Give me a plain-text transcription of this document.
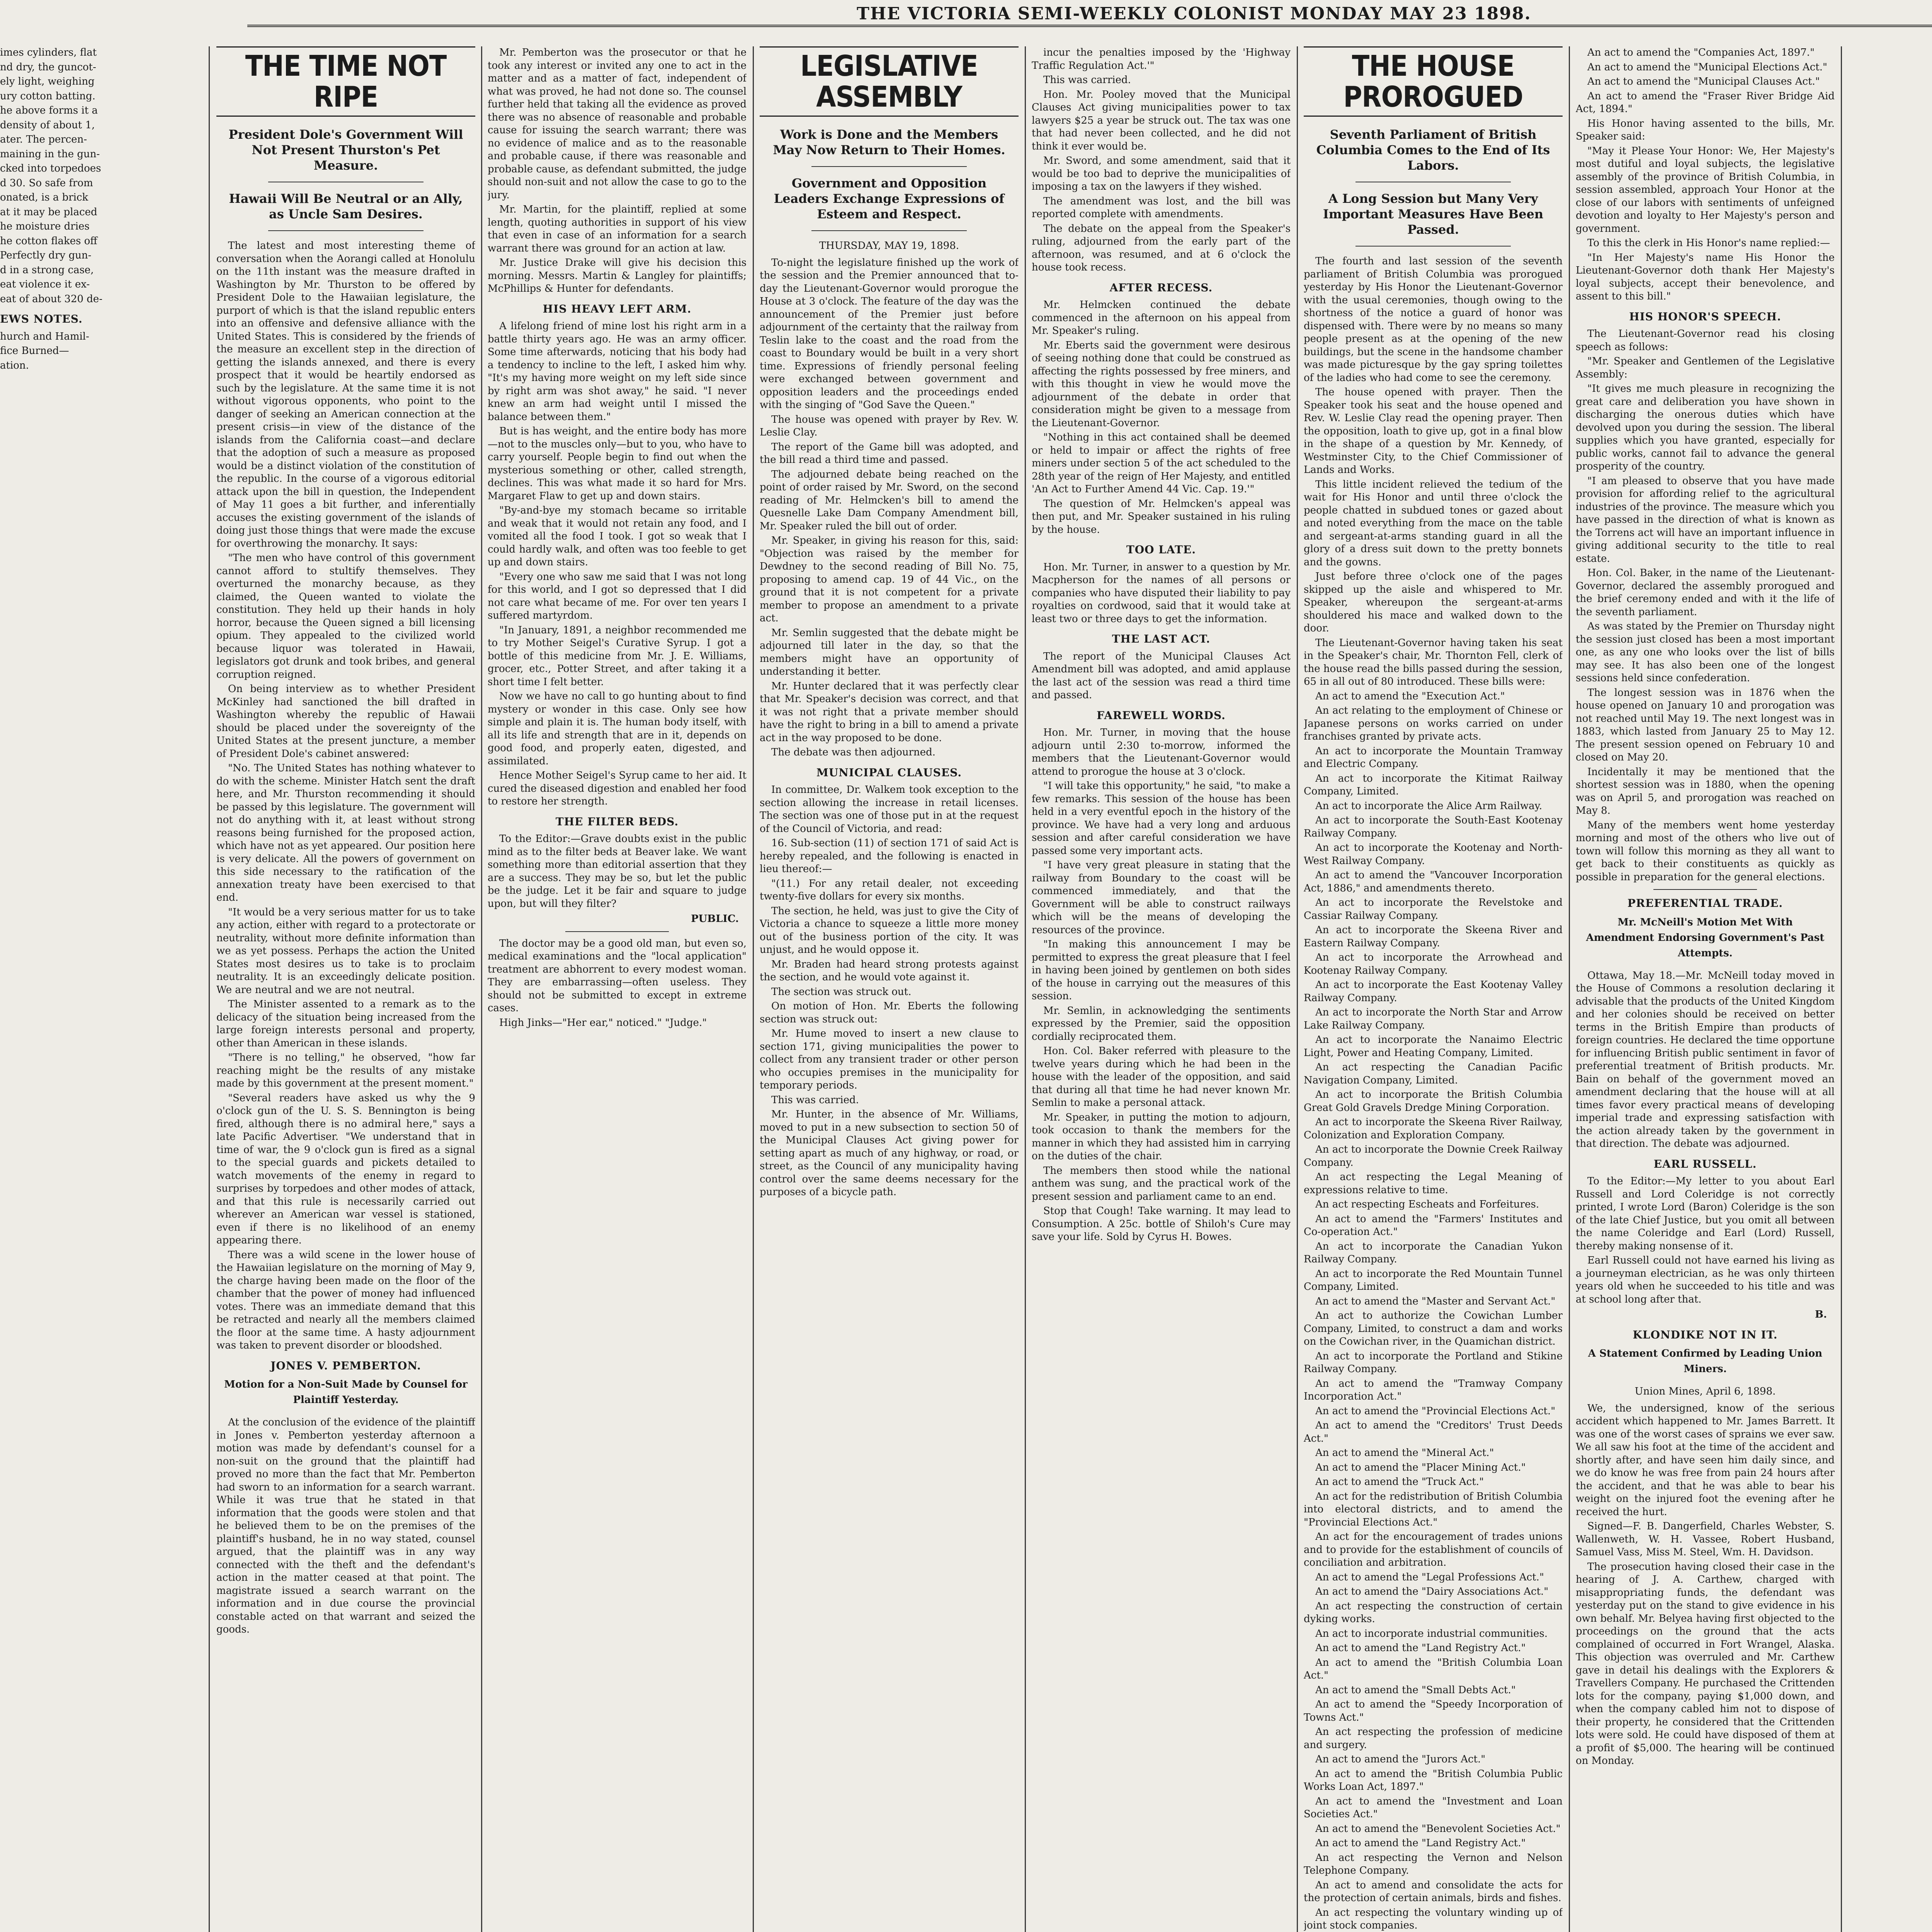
THE VICTORIA SEMI-WEEKLY COLONIST MONDAY MAY 23 1898.

imes cylinders, flat

nd dry, the guncot-

ely light, weighing

ury cotton batting.

he above forms it a

density of about 1,

ater. The percen-

maining in the gun-

cked into torpedoes

d 30. So safe from

onated, is a brick

at it may be placed

he moisture dries

he cotton flakes off

Perfectly dry gun-

d in a strong case,

eat violence it ex-

eat of about 320 de-

EWS NOTES.

hurch and Hamil-

fice Burned—

ation.

THE TIME NOT RIPE
President Dole's Government Will Not Present Thurston's Pet Measure.
Hawaii Will Be Neutral or an Ally, as Uncle Sam Desires.

The latest and most interesting theme of conversation when the Aorangi called at Honolulu on the 11th instant was the measure drafted in Washington by Mr. Thurston to be offered by President Dole to the Hawaiian legislature, the purport of which is that the island republic enters into an offensive and defensive alliance with the United States. This is considered by the friends of the measure an excellent step in the direction of getting the islands annexed, and there is every prospect that it would be heartily endorsed as such by the legislature. At the same time it is not without vigorous opponents, who point to the danger of seeking an American connection at the present crisis—in view of the distance of the islands from the California coast—and declare that the adoption of such a measure as proposed would be a distinct violation of the constitution of the republic. In the course of a vigorous editorial attack upon the bill in question, the Independent of May 11 goes a bit further, and inferentially accuses the existing government of the islands of doing just those things that were made the excuse for overthrowing the monarchy. It says:

"The men who have control of this government cannot afford to stultify themselves. They overturned the monarchy because, as they claimed, the Queen wanted to violate the constitution. They held up their hands in holy horror, because the Queen signed a bill licensing opium. They appealed to the civilized world because liquor was tolerated in Hawaii, legislators got drunk and took bribes, and general corruption reigned.

On being interview as to whether President McKinley had sanctioned the bill drafted in Washington whereby the republic of Hawaii should be placed under the sovereignty of the United States at the present juncture, a member of President Dole's cabinet answered:

"No. The United States has nothing whatever to do with the scheme. Minister Hatch sent the draft here, and Mr. Thurston recommending it should be passed by this legislature. The government will not do anything with it, at least without strong reasons being furnished for the proposed action, which have not as yet appeared. Our position here is very delicate. All the powers of government on this side necessary to the ratification of the annexation treaty have been exercised to that end.

"It would be a very serious matter for us to take any action, either with regard to a protectorate or neutrality, without more definite information than we as yet possess. Perhaps the action the United States most desires us to take is to proclaim neutrality. It is an exceedingly delicate position. We are neutral and we are not neutral.

The Minister assented to a remark as to the delicacy of the situation being increased from the large foreign interests personal and property, other than American in these islands.

"There is no telling," he observed, "how far reaching might be the results of any mistake made by this government at the present moment."

"Several readers have asked us why the 9 o'clock gun of the U. S. S. Bennington is being fired, although there is no admiral here," says a late Pacific Advertiser. "We understand that in time of war, the 9 o'clock gun is fired as a signal to the special guards and pickets detailed to watch movements of the enemy in regard to surprises by torpedoes and other modes of attack, and that this rule is necessarily carried out wherever an American war vessel is stationed, even if there is no likelihood of an enemy appearing there.

There was a wild scene in the lower house of the Hawaiian legislature on the morning of May 9, the charge having been made on the floor of the chamber that the power of money had influenced votes. There was an immediate demand that this be retracted and nearly all the members claimed the floor at the same time. A hasty adjournment was taken to prevent disorder or bloodshed.

JONES V. PEMBERTON.
Motion for a Non-Suit Made by Counsel for Plaintiff Yesterday.

At the conclusion of the evidence of the plaintiff in Jones v. Pemberton yesterday afternoon a motion was made by defendant's counsel for a non-suit on the ground that the plaintiff had proved no more than the fact that Mr. Pemberton had sworn to an information for a search warrant. While it was true that he stated in that information that the goods were stolen and that he believed them to be on the premises of the plaintiff's husband, he in no way stated, counsel argued, that the plaintiff was in any way connected with the theft and the defendant's action in the matter ceased at that point. The magistrate issued a search warrant on the information and in due course the provincial constable acted on that warrant and seized the goods.

Mr. Pemberton was the prosecutor or that he took any interest or invited any one to act in the matter and as a matter of fact, independent of what was proved, he had not done so. The counsel further held that taking all the evidence as proved there was no absence of reasonable and probable cause for issuing the search warrant; there was no evidence of malice and as to the reasonable and probable cause, if there was reasonable and probable cause, as defendant submitted, the judge should non-suit and not allow the case to go to the jury.

Mr. Martin, for the plaintiff, replied at some length, quoting authorities in support of his view that even in case of an information for a search warrant there was ground for an action at law.

Mr. Justice Drake will give his decision this morning. Messrs. Martin & Langley for plaintiffs; McPhillips & Hunter for defendants.

HIS HEAVY LEFT ARM.

A lifelong friend of mine lost his right arm in a battle thirty years ago. He was an army officer. Some time afterwards, noticing that his body had a tendency to incline to the left, I asked him why. "It's my having more weight on my left side since by right arm was shot away," he said. "I never knew an arm had weight until I missed the balance between them."

But is has weight, and the entire body has more—not to the muscles only—but to you, who have to carry yourself. People begin to find out when the mysterious something or other, called strength, declines. This was what made it so hard for Mrs. Margaret Flaw to get up and down stairs.

"By-and-bye my stomach became so irritable and weak that it would not retain any food, and I vomited all the food I took. I got so weak that I could hardly walk, and often was too feeble to get up and down stairs.

"Every one who saw me said that I was not long for this world, and I got so depressed that I did not care what became of me. For over ten years I suffered martyrdom.

"In January, 1891, a neighbor recommended me to try Mother Seigel's Curative Syrup. I got a bottle of this medicine from Mr. J. E. Williams, grocer, etc., Potter Street, and after taking it a short time I felt better.

Now we have no call to go hunting about to find mystery or wonder in this case. Only see how simple and plain it is. The human body itself, with all its life and strength that are in it, depends on good food, and properly eaten, digested, and assimilated.

Hence Mother Seigel's Syrup came to her aid. It cured the diseased digestion and enabled her food to restore her strength.

THE FILTER BEDS.

To the Editor:—Grave doubts exist in the public mind as to the filter beds at Beaver lake. We want something more than editorial assertion that they are a success. They may be so, but let the public be the judge. Let it be fair and square to judge upon, but will they filter?

PUBLIC.

The doctor may be a good old man, but even so, medical examinations and the "local application" treatment are abhorrent to every modest woman. They are embarrassing—often useless. They should not be submitted to except in extreme cases.

High Jinks—"Her ear," noticed." "Judge."

LEGISLATIVE ASSEMBLY
Work is Done and the Members May Now Return to Their Homes.
Government and Opposition Leaders Exchange Expressions of Esteem and Respect.
THURSDAY, MAY 19, 1898.

To-night the legislature finished up the work of the session and the Premier announced that to-day the Lieutenant-Governor would prorogue the House at 3 o'clock. The feature of the day was the announcement of the Premier just before adjournment of the certainty that the railway from Teslin lake to the coast and the road from the coast to Boundary would be built in a very short time. Expressions of friendly personal feeling were exchanged between government and opposition leaders and the proceedings ended with the singing of "God Save the Queen."

The house was opened with prayer by Rev. W. Leslie Clay.

The report of the Game bill was adopted, and the bill read a third time and passed.

The adjourned debate being reached on the point of order raised by Mr. Sword, on the second reading of Mr. Helmcken's bill to amend the Quesnelle Lake Dam Company Amendment bill, Mr. Speaker ruled the bill out of order.

Mr. Speaker, in giving his reason for this, said: "Objection was raised by the member for Dewdney to the second reading of Bill No. 75, proposing to amend cap. 19 of 44 Vic., on the ground that it is not competent for a private member to propose an amendment to a private act.

Mr. Semlin suggested that the debate might be adjourned till later in the day, so that the members might have an opportunity of understanding it better.

Mr. Hunter declared that it was perfectly clear that Mr. Speaker's decision was correct, and that it was not right that a private member should have the right to bring in a bill to amend a private act in the way proposed to be done.

The debate was then adjourned.

MUNICIPAL CLAUSES.

In committee, Dr. Walkem took exception to the section allowing the increase in retail licenses. The section was one of those put in at the request of the Council of Victoria, and read:

16. Sub-section (11) of section 171 of said Act is hereby repealed, and the following is enacted in lieu thereof:—

"(11.) For any retail dealer, not exceeding twenty-five dollars for every six months.

The section, he held, was just to give the City of Victoria a chance to squeeze a little more money out of the business portion of the city. It was unjust, and he would oppose it.

Mr. Braden had heard strong protests against the section, and he would vote against it.

The section was struck out.

On motion of Hon. Mr. Eberts the following section was struck out:

Mr. Hume moved to insert a new clause to section 171, giving municipalities the power to collect from any transient trader or other person who occupies premises in the municipality for temporary periods.

This was carried.

Mr. Hunter, in the absence of Mr. Williams, moved to put in a new subsection to section 50 of the Municipal Clauses Act giving power for setting apart as much of any highway, or road, or street, as the Council of any municipality having control over the same deems necessary for the purposes of a bicycle path.

incur the penalties imposed by the 'Highway Traffic Regulation Act.'"

This was carried.

Hon. Mr. Pooley moved that the Municipal Clauses Act giving municipalities power to tax lawyers $25 a year be struck out. The tax was one that had never been collected, and he did not think it ever would be.

Mr. Sword, and some amendment, said that it would be too bad to deprive the municipalities of imposing a tax on the lawyers if they wished.

The amendment was lost, and the bill was reported complete with amendments.

The debate on the appeal from the Speaker's ruling, adjourned from the early part of the afternoon, was resumed, and at 6 o'clock the house took recess.

AFTER RECESS.

Mr. Helmcken continued the debate commenced in the afternoon on his appeal from Mr. Speaker's ruling.

Mr. Eberts said the government were desirous of seeing nothing done that could be construed as affecting the rights possessed by free miners, and with this thought in view he would move the adjournment of the debate in order that consideration might be given to a message from the Lieutenant-Governor.

"Nothing in this act contained shall be deemed or held to impair or affect the rights of free miners under section 5 of the act scheduled to the 28th year of the reign of Her Majesty, and entitled 'An Act to Further Amend 44 Vic. Cap. 19.'"

The question of Mr. Helmcken's appeal was then put, and Mr. Speaker sustained in his ruling by the house.

TOO LATE.

Hon. Mr. Turner, in answer to a question by Mr. Macpherson for the names of all persons or companies who have disputed their liability to pay royalties on cordwood, said that it would take at least two or three days to get the information.

THE LAST ACT.

The report of the Municipal Clauses Act Amendment bill was adopted, and amid applause the last act of the session was read a third time and passed.

FAREWELL WORDS.

Hon. Mr. Turner, in moving that the house adjourn until 2:30 to-morrow, informed the members that the Lieutenant-Governor would attend to prorogue the house at 3 o'clock.

"I will take this opportunity," he said, "to make a few remarks. This session of the house has been held in a very eventful epoch in the history of the province. We have had a very long and arduous session and after careful consideration we have passed some very important acts.

"I have very great pleasure in stating that the railway from Boundary to the coast will be commenced immediately, and that the Government will be able to construct railways which will be the means of developing the resources of the province.

"In making this announcement I may be permitted to express the great pleasure that I feel in having been joined by gentlemen on both sides of the house in carrying out the measures of this session.

Mr. Semlin, in acknowledging the sentiments expressed by the Premier, said the opposition cordially reciprocated them.

Hon. Col. Baker referred with pleasure to the twelve years during which he had been in the house with the leader of the opposition, and said that during all that time he had never known Mr. Semlin to make a personal attack.

Mr. Speaker, in putting the motion to adjourn, took occasion to thank the members for the manner in which they had assisted him in carrying on the duties of the chair.

The members then stood while the national anthem was sung, and the practical work of the present session and parliament came to an end.

Stop that Cough! Take warning. It may lead to Consumption. A 25c. bottle of Shiloh's Cure may save your life. Sold by Cyrus H. Bowes.

THE HOUSE PROROGUED
Seventh Parliament of British Columbia Comes to the End of Its Labors.
A Long Session but Many Very Important Measures Have Been Passed.

The fourth and last session of the seventh parliament of British Columbia was prorogued yesterday by His Honor the Lieutenant-Governor with the usual ceremonies, though owing to the shortness of the notice a guard of honor was dispensed with. There were by no means so many people present as at the opening of the new buildings, but the scene in the handsome chamber was made picturesque by the gay spring toilettes of the ladies who had come to see the ceremony.

The house opened with prayer. Then the Speaker took his seat and the house opened and Rev. W. Leslie Clay read the opening prayer. Then the opposition, loath to give up, got in a final blow in the shape of a question by Mr. Kennedy, of Westminster City, to the Chief Commissioner of Lands and Works.

This little incident relieved the tedium of the wait for His Honor and until three o'clock the people chatted in subdued tones or gazed about and noted everything from the mace on the table and sergeant-at-arms standing guard in all the glory of a dress suit down to the pretty bonnets and the gowns.

Just before three o'clock one of the pages skipped up the aisle and whispered to Mr. Speaker, whereupon the sergeant-at-arms shouldered his mace and walked down to the door.

The Lieutenant-Governor having taken his seat in the Speaker's chair, Mr. Thornton Fell, clerk of the house read the bills passed during the session, 65 in all out of 80 introduced. These bills were:

An act to amend the "Execution Act."

An act relating to the employment of Chinese or Japanese persons on works carried on under franchises granted by private acts.

An act to incorporate the Mountain Tramway and Electric Company.

An act to incorporate the Kitimat Railway Company, Limited.

An act to incorporate the Alice Arm Railway.

An act to incorporate the South-East Kootenay Railway Company.

An act to incorporate the Kootenay and North-West Railway Company.

An act to amend the "Vancouver Incorporation Act, 1886," and amendments thereto.

An act to incorporate the Revelstoke and Cassiar Railway Company.

An act to incorporate the Skeena River and Eastern Railway Company.

An act to incorporate the Arrowhead and Kootenay Railway Company.

An act to incorporate the East Kootenay Valley Railway Company.

An act to incorporate the North Star and Arrow Lake Railway Company.

An act to incorporate the Nanaimo Electric Light, Power and Heating Company, Limited.

An act respecting the Canadian Pacific Navigation Company, Limited.

An act to incorporate the British Columbia Great Gold Gravels Dredge Mining Corporation.

An act to incorporate the Skeena River Railway, Colonization and Exploration Company.

An act to incorporate the Downie Creek Railway Company.

An act respecting the Legal Meaning of expressions relative to time.

An act respecting Escheats and Forfeitures.

An act to amend the "Farmers' Institutes and Co-operation Act."

An act to incorporate the Canadian Yukon Railway Company.

An act to incorporate the Red Mountain Tunnel Company, Limited.

An act to amend the "Master and Servant Act."

An act to authorize the Cowichan Lumber Company, Limited, to construct a dam and works on the Cowichan river, in the Quamichan district.

An act to incorporate the Portland and Stikine Railway Company.

An act to amend the "Tramway Company Incorporation Act."

An act to amend the "Provincial Elections Act."

An act to amend the "Creditors' Trust Deeds Act."

An act to amend the "Mineral Act."

An act to amend the "Placer Mining Act."

An act to amend the "Truck Act."

An act for the redistribution of British Columbia into electoral districts, and to amend the "Provincial Elections Act."

An act for the encouragement of trades unions and to provide for the establishment of councils of conciliation and arbitration.

An act to amend the "Legal Professions Act."

An act to amend the "Dairy Associations Act."

An act respecting the construction of certain dyking works.

An act to incorporate industrial communities.

An act to amend the "Land Registry Act."

An act to amend the "British Columbia Loan Act."

An act to amend the "Small Debts Act."

An act to amend the "Speedy Incorporation of Towns Act."

An act respecting the profession of medicine and surgery.

An act to amend the "Jurors Act."

An act to amend the "British Columbia Public Works Loan Act, 1897."

An act to amend the "Investment and Loan Societies Act."

An act to amend the "Benevolent Societies Act."

An act to amend the "Land Registry Act."

An act respecting the Vernon and Nelson Telephone Company.

An act to amend and consolidate the acts for the protection of certain animals, birds and fishes.

An act respecting the voluntary winding up of joint stock companies.

An act to amend the "Companies Act, 1897."

An act to amend the "Municipal Elections Act."

An act to amend the "Municipal Clauses Act."

An act to amend the "Fraser River Bridge Aid Act, 1894."

His Honor having assented to the bills, Mr. Speaker said:

"May it Please Your Honor: We, Her Majesty's most dutiful and loyal subjects, the legislative assembly of the province of British Columbia, in session assembled, approach Your Honor at the close of our labors with sentiments of unfeigned devotion and loyalty to Her Majesty's person and government.

To this the clerk in His Honor's name replied:—

"In Her Majesty's name His Honor the Lieutenant-Governor doth thank Her Majesty's loyal subjects, accept their benevolence, and assent to this bill."

HIS HONOR'S SPEECH.

The Lieutenant-Governor read his closing speech as follows:

"Mr. Speaker and Gentlemen of the Legislative Assembly:

"It gives me much pleasure in recognizing the great care and deliberation you have shown in discharging the onerous duties which have devolved upon you during the session. The liberal supplies which you have granted, especially for public works, cannot fail to advance the general prosperity of the country.

"I am pleased to observe that you have made provision for affording relief to the agricultural industries of the province. The measure which you have passed in the direction of what is known as the Torrens act will have an important influence in giving additional security to the title to real estate.

Hon. Col. Baker, in the name of the Lieutenant-Governor, declared the assembly prorogued and the brief ceremony ended and with it the life of the seventh parliament.

As was stated by the Premier on Thursday night the session just closed has been a most important one, as any one who looks over the list of bills may see. It has also been one of the longest sessions held since confederation.

The longest session was in 1876 when the house opened on January 10 and prorogation was not reached until May 19. The next longest was in 1883, which lasted from January 25 to May 12. The present session opened on February 10 and closed on May 20.

Incidentally it may be mentioned that the shortest session was in 1880, when the opening was on April 5, and prorogation was reached on May 8.

Many of the members went home yesterday morning and most of the others who live out of town will follow this morning as they all want to get back to their constituents as quickly as possible in preparation for the general elections.

PREFERENTIAL TRADE.
Mr. McNeill's Motion Met With Amendment Endorsing Government's Past Attempts.

Ottawa, May 18.—Mr. McNeill today moved in the House of Commons a resolution declaring it advisable that the products of the United Kingdom and her colonies should be received on better terms in the British Empire than products of foreign countries. He declared the time opportune for influencing British public sentiment in favor of preferential treatment of British products. Mr. Bain on behalf of the government moved an amendment declaring that the house will at all times favor every practical means of developing imperial trade and expressing satisfaction with the action already taken by the government in that direction. The debate was adjourned.

EARL RUSSELL.

To the Editor:—My letter to you about Earl Russell and Lord Coleridge is not correctly printed, I wrote Lord (Baron) Coleridge is the son of the late Chief Justice, but you omit all between the name Coleridge and Earl (Lord) Russell, thereby making nonsense of it.

Earl Russell could not have earned his living as a journeyman electrician, as he was only thirteen years old when he succeeded to his title and was at school long after that.

B.
KLONDIKE NOT IN IT.
A Statement Confirmed by Leading Union Miners.
Union Mines, April 6, 1898.

We, the undersigned, know of the serious accident which happened to Mr. James Barrett. It was one of the worst cases of sprains we ever saw. We all saw his foot at the time of the accident and shortly after, and have seen him daily since, and we do know he was free from pain 24 hours after the accident, and that he was able to bear his weight on the injured foot the evening after he received the hurt.

Signed—F. B. Dangerfield, Charles Webster, S. Wallenweth, W. H. Vassee, Robert Husband, Samuel Vass, Miss M. Steel, Wm. H. Davidson.

The prosecution having closed their case in the hearing of J. A. Carthew, charged with misappropriating funds, the defendant was yesterday put on the stand to give evidence in his own behalf. Mr. Belyea having first objected to the proceedings on the ground that the acts complained of occurred in Fort Wrangel, Alaska. This objection was overruled and Mr. Carthew gave in detail his dealings with the Explorers & Travellers Company. He purchased the Crittenden lots for the company, paying $1,000 down, and when the company cabled him not to dispose of their property, he considered that the Crittenden lots were sold. He could have disposed of them at a profit of $5,000. The hearing will be continued on Monday.
